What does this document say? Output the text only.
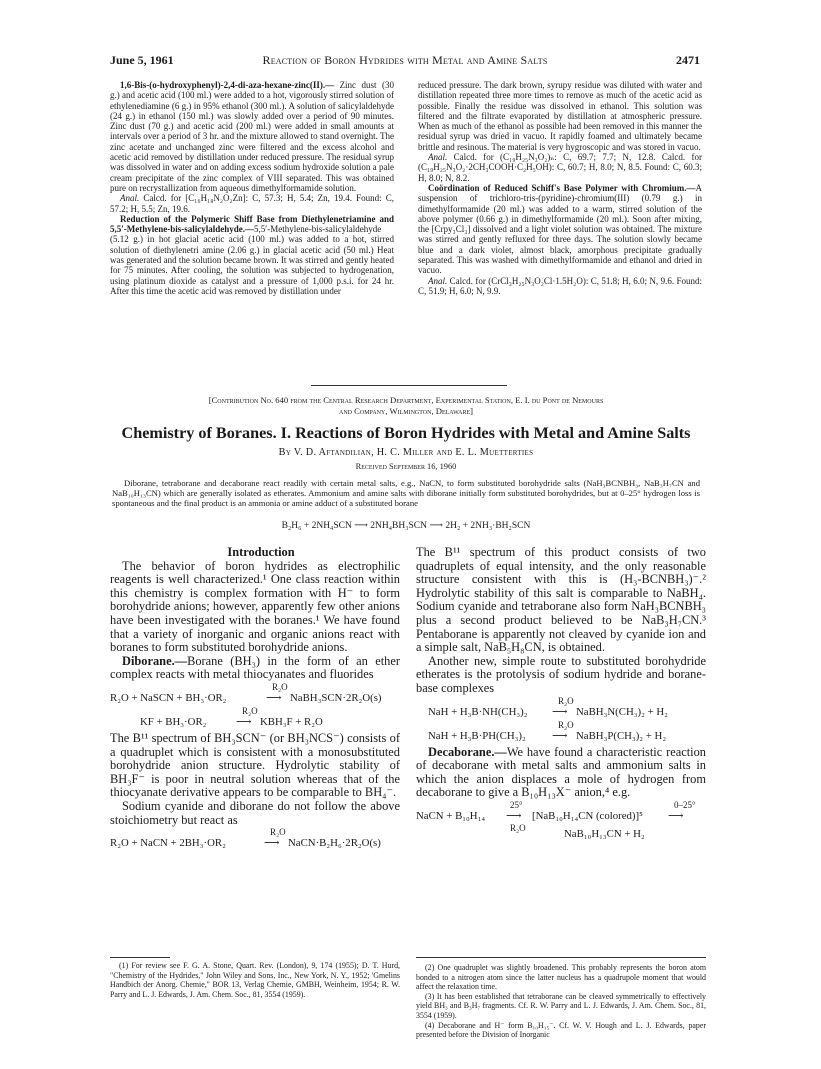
June 5, 1961	Reaction of Boron Hydrides with Metal and Amine Salts	2471

1,6-Bis-(o-hydroxyphenyl)-2,4-di-aza-hexane-zinc(II).— Zinc dust (30 g.) and acetic acid (100 ml.) were added to a hot, vigorously stirred solution of ethylenediamine (6 g.) in 95% ethanol (300 ml.). A solution of salicylaldehyde (24 g.) in ethanol (150 ml.) was slowly added over a period of 90 minutes. Zinc dust (70 g.) and acetic acid (200 ml.) were added in small amounts at intervals over a period of 3 hr. and the mixture allowed to stand overnight. The zinc acetate and unchanged zinc were filtered and the excess alcohol and acetic acid removed by distillation under reduced pressure. The residual syrup was dissolved in water and on adding excess sodium hydroxide solution a pale cream precipitate of the zinc complex of VIII separated. This was obtained pure on recrystallization from aqueous dimethylformamide solution.

Anal. Calcd. for [C₁₆H₁₈N₂O₂Zn]: C, 57.3; H, 5.4; Zn, 19.4. Found: C, 57.2; H, 5.5; Zn, 19.6.

Reduction of the Polymeric Shiff Base from Diethylenetriamine and 5,5′-Methylene-bis-salicylaldehyde.—5,5′-Methylene-bis-salicylaldehyde (5.12 g.) in hot glacial acetic acid (100 ml.) was added to a hot, stirred solution of diethylenetri amine (2.06 g.) in glacial acetic acid (50 ml.) Heat was generated and the solution became brown. It was stirred and gently heated for 75 minutes. After cooling, the solution was subjected to hydrogenation, using platinum dioxide as catalyst and a pressure of 1,000 p.s.i. for 24 hr. After this time the acetic acid was removed by distillation under

reduced pressure. The dark brown, syrupy residue was diluted with water and distillation repeated three more times to remove as much of the acetic acid as possible. Finally the residue was dissolved in ethanol. This solution was filtered and the filtrate evaporated by distillation at atmospheric pressure. When as much of the ethanol as possible had been removed in this manner the residual syrup was dried in vacuo. It rapidly foamed and ultimately became brittle and resinous. The material is very hygroscopic and was stored in vacuo.

Anal. Calcd. for (C₁₉H₂₅N₃O₂)ₙ: C, 69.7; 7.7; N, 12.8. Calcd. for (C₁₉H₂₅N₃O₂·2CH₃COOH·C₂H₅OH): C, 60.7; H, 8.0; N, 8.5. Found: C, 60.3; H, 8.0; N, 8.2.

Coördination of Reduced Schiff's Base Polymer with Chromium.—A suspension of trichloro-tris-(pyridine)-chromium(III) (0.79 g.) in dimethylformamide (20 ml.) was added to a warm, stirred solution of the above polymer (0.66 g.) in dimethylformamide (20 ml.). Soon after mixing, the [Crpy₃Cl₃] dissolved and a light violet solution was obtained. The mixture was stirred and gently refluxed for three days. The solution slowly became blue and a dark violet, almost black, amorphous precipitate gradually separated. This was washed with dimethylformamide and ethanol and dried in vacuo.

Anal. Calcd. for (CrCl₃H₂₅N₃O₂Cl·1.5H₂O): C, 51.8; H, 6.0; N, 9.6. Found: C, 51.9; H, 6.0; N, 9.9.

[Contribution No. 640 from the Central Research Department, Experimental Station, E. I. du Pont de Nemours
and Company, Wilmington, Delaware]
Chemistry of Boranes. I. Reactions of Boron Hydrides with Metal and Amine Salts
By V. D. Aftandilian, H. C. Miller and E. L. Muetterties
Received September 16, 1960

Diborane, tetraborane and decaborane react readily with certain metal salts, e.g., NaCN, to form substituted borohydride salts (NaH₃BCNBH₃, NaB₃H₇CN and NaB₁₀H₁₃CN) which are generally isolated as etherates. Ammonium and amine salts with diborane initially form substituted borohydrides, but at 0–25° hydrogen loss is spontaneous and the final product is an ammonia or amine adduct of a substituted borane

B₂H₆ + 2NH₄SCN ⟶ 2NH₄BH₃SCN ⟶ 2H₂ + 2NH₃·BH₂SCN

Introduction

The behavior of boron hydrides as electrophilic reagents is well characterized.¹ One class reaction within this chemistry is complex formation with H⁻ to form borohydride anions; however, apparently few other anions have been investigated with the boranes.¹ We have found that a variety of inorganic and organic anions react with boranes to form substituted borohydride anions.

Diborane.—Borane (BH₃) in the form of an ether complex reacts with metal thiocyanates and fluorides

R₂O + NaSCN + BH₃·OR₂
R₂O
⟶ NaBH₃SCN·2R₂O(s)
KF + BH₃·OR₂
R₂O
⟶ KBH₃F + R₂O

The B¹¹ spectrum of BH₃SCN⁻ (or BH₃NCS⁻) consists of a quadruplet which is consistent with a monosubstituted borohydride anion structure. Hydrolytic stability of BH₃F⁻ is poor in neutral solution whereas that of the thiocyanate derivative appears to be comparable to BH₄⁻.

Sodium cyanide and diborane do not follow the above stoichiometry but react as

R₂O + NaCN + 2BH₃·OR₂
R₂O
⟶ NaCN·B₂H₆·2R₂O(s)

(1) For review see F. G. A. Stone, Quart. Rev. (London), 9, 174 (1955); D. T. Hurd, "Chemistry of the Hydrides," John Wiley and Sons, Inc., New York, N. Y., 1952; 'Gmelins Handbich der Anorg. Chemie," BOR 13, Verlag Chemie, GMBH, Weinheim, 1954; R. W. Parry and L. J. Edwards, J. Am. Chem. Soc., 81, 3554 (1959).

The B¹¹ spectrum of this product consists of two quadruplets of equal intensity, and the only reasonable structure consistent with this is (H₃-BCNBH₃)⁻.² Hydrolytic stability of this salt is comparable to NaBH₄. Sodium cyanide and tetraborane also form NaH₃BCNBH₃ plus a second product believed to be NaB₃H₇CN.³ Pentaborane is apparently not cleaved by cyanide ion and a simple salt, NaB₅H₈CN, is obtained.

Another new, simple route to substituted borohydride etherates is the protolysis of sodium hydride and borane-base complexes

NaH + H₃B·NH(CH₃)₂
R₂O
⟶ NaBH₃N(CH₃)₂ + H₂
NaH + H₃B·PH(CH₃)₂
R₂O
⟶ NaBH₃P(CH₃)₂ + H₂

Decaborane.—We have found a characteristic reaction of decaborane with metal salts and ammonium salts in which the anion displaces a mole of hydrogen from decaborane to give a B₁₀H₁₃X⁻ anion,⁴ e.g.

NaCN + B₁₀H₁₄
25°
⟶
R₂O
[NaB₁₀H₁₄CN (colored)]⁵
0–25°
⟶
NaB₁₀H₁₃CN + H₂

(2) One quadruplet was slightly broadened. This probably represents the boron atom bonded to a nitrogen atom since the latter nucleus has a quadrupole moment that would affect the relaxation time.

(3) It has been established that tetraborane can be cleaved symmetrically to effectively yield BH₃ and B₃H₇ fragments. Cf. R. W. Parry and L. J. Edwards, J. Am. Chem. Soc., 81, 3554 (1959).

(4) Decaborane and H⁻ form B₁₀H₁₅⁻. Cf. W. V. Hough and L. J. Edwards, paper presented before the Division of Inorganic
